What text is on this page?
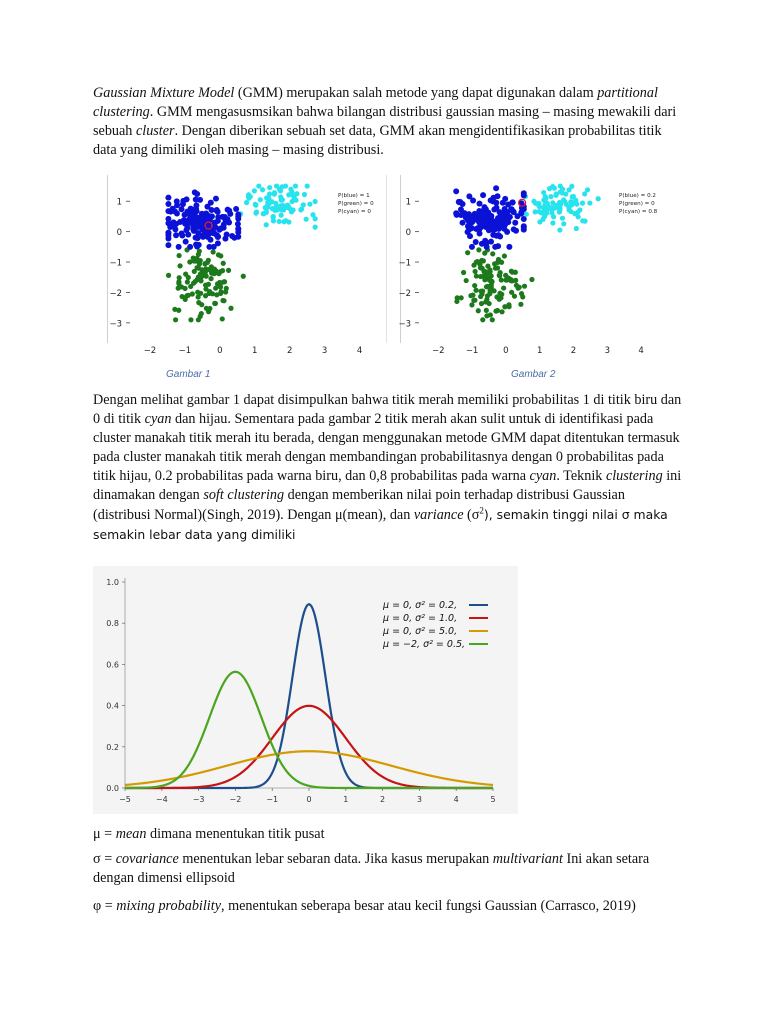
Gaussian Mixture Model (GMM) merupakan salah metode yang dapat digunakan dalam partitional clustering. GMM mengasusmsikan bahwa bilangan distribusi gaussian masing – masing mewakili dari sebuah cluster. Dengan diberikan sebuah set data, GMM akan mengidentifikasikan probabilitas titik data yang dimiliki oleh masing – masing distribusi.
1
0
−1
−2
−3
P(blue) = 1
P(green) = 0
P(cyan) = 0
Gambar 1
1
0
−1
−2
−3
P(blue) = 0.2
P(green) = 0
P(cyan) = 0.8
Gambar 2
Dengan melihat gambar 1 dapat disimpulkan bahwa titik merah memiliki probabilitas 1 di titik biru dan 0 di titik cyan dan hijau. Sementara pada gambar 2 titik merah akan sulit untuk di identifikasi pada cluster manakah titik merah itu berada, dengan menggunakan metode GMM dapat ditentukan termasuk pada cluster manakah titik merah dengan membandingan probabilitasnya dengan 0 probabilitas pada titik hijau, 0.2 probabilitas pada warna biru, dan 0,8 probabilitas pada warna cyan. Teknik clustering ini dinamakan dengan soft clustering dengan memberikan nilai poin terhadap distribusi Gaussian (distribusi Normal)(Singh, 2019). Dengan μ(mean), dan variance $(\sigma^2)$, semakin tinggi nilai σ maka semakin lebar data yang dimiliki
0.0
0.2
0.4
0.6
0.8
1.0
−5	−4	−3	−2	−1	0	1	2	3	4	5
μ = 0, σ² = 0.2,
μ = 0, σ² = 1.0,
μ = 0, σ² = 5.0,
μ = −2, σ² = 0.5,
μ = mean dimana menentukan titik pusat
σ = covariance menentukan lebar sebaran data. Jika kasus merupakan multivariant Ini akan setara dengan dimensi ellipsoid
φ = mixing probability, menentukan seberapa besar atau kecil fungsi Gaussian (Carrasco, 2019)
−2	−1	0	1	2	3	4	−2	−1	0	1	2	3	4
